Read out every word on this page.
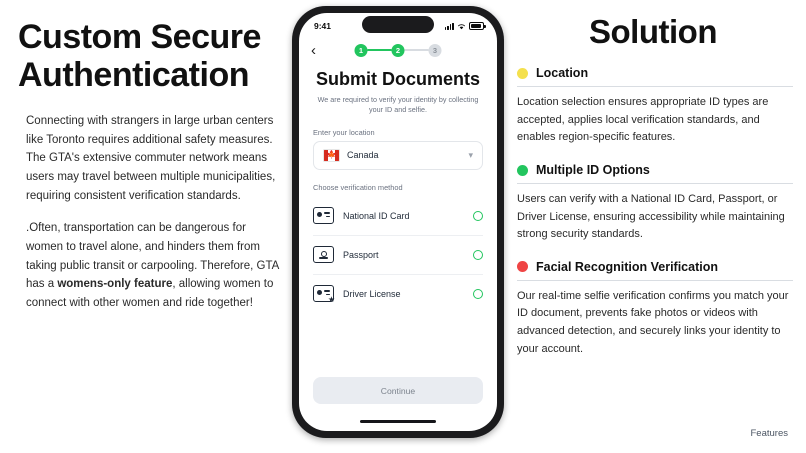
Custom Secure Authentication

Connecting with strangers in large urban centers like Toronto requires additional safety measures. The GTA's extensive commuter network means users may travel between multiple municipalities, requiring consistent verification standards.

.Often, transportation can be dangerous for women to travel alone, and hinders them from taking public transit or carpooling. Therefore, GTA has a womens-only feature, allowing women to connect with other women and ride together!

9:41
‹	1	2	3
Submit Documents
We are required to verify your identity by collecting your ID and selfie.
Enter your location
🍁 Canada	▾
Choose verification method
National ID Card
Passport
★
Driver License
Continue
Solution
Location
Location selection ensures appropriate ID types are accepted, applies local verification standards, and enables region-specific features.
Multiple ID Options
Users can verify with a National ID Card, Passport, or Driver License, ensuring accessibility while maintaining strong security standards.
Facial Recognition Verification
Our real-time selfie verification confirms you match your ID document, prevents fake photos or videos with advanced detection, and securely links your identity to your account.
Features
